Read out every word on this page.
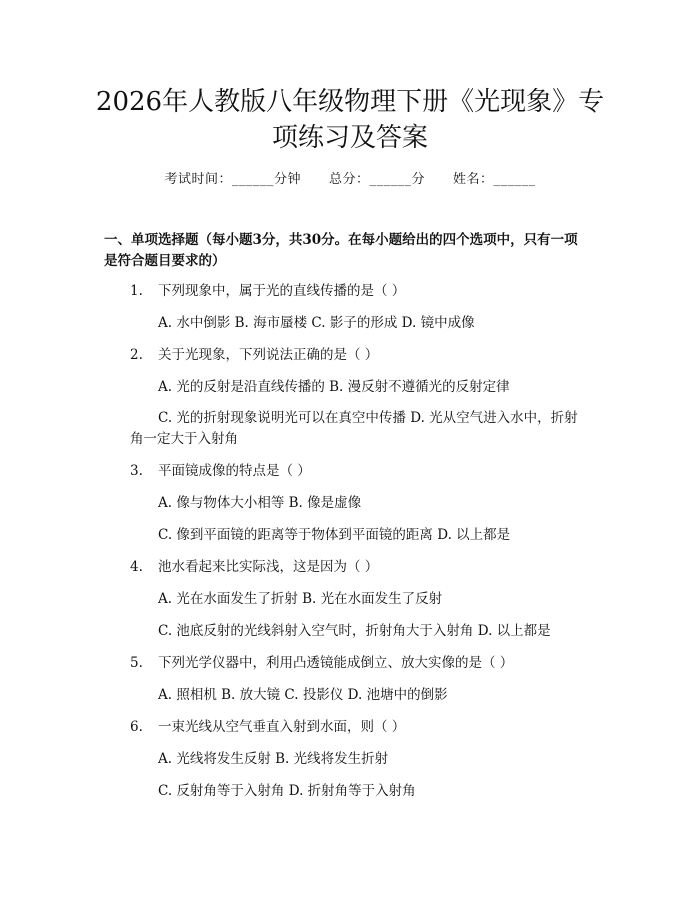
2026年人教版八年级物理下册《光现象》专
项练习及答案
考试时间：______分钟 总分：______分 姓名：______
一、单项选择题（每小题3分，共30分。在每小题给出的四个选项中，只有一项
是符合题目要求的）
1. 下列现象中，属于光的直线传播的是（ ）
A. 水中倒影 B. 海市蜃楼 C. 影子的形成 D. 镜中成像
2. 关于光现象，下列说法正确的是（ ）
A. 光的反射是沿直线传播的 B. 漫反射不遵循光的反射定律
C. 光的折射现象说明光可以在真空中传播 D. 光从空气进入水中，折射
角一定大于入射角
3. 平面镜成像的特点是（ ）
A. 像与物体大小相等 B. 像是虚像
C. 像到平面镜的距离等于物体到平面镜的距离 D. 以上都是
4. 池水看起来比实际浅，这是因为（ ）
A. 光在水面发生了折射 B. 光在水面发生了反射
C. 池底反射的光线斜射入空气时，折射角大于入射角 D. 以上都是
5. 下列光学仪器中，利用凸透镜能成倒立、放大实像的是（ ）
A. 照相机 B. 放大镜 C. 投影仪 D. 池塘中的倒影
6. 一束光线从空气垂直入射到水面，则（ ）
A. 光线将发生反射 B. 光线将发生折射
C. 反射角等于入射角 D. 折射角等于入射角
